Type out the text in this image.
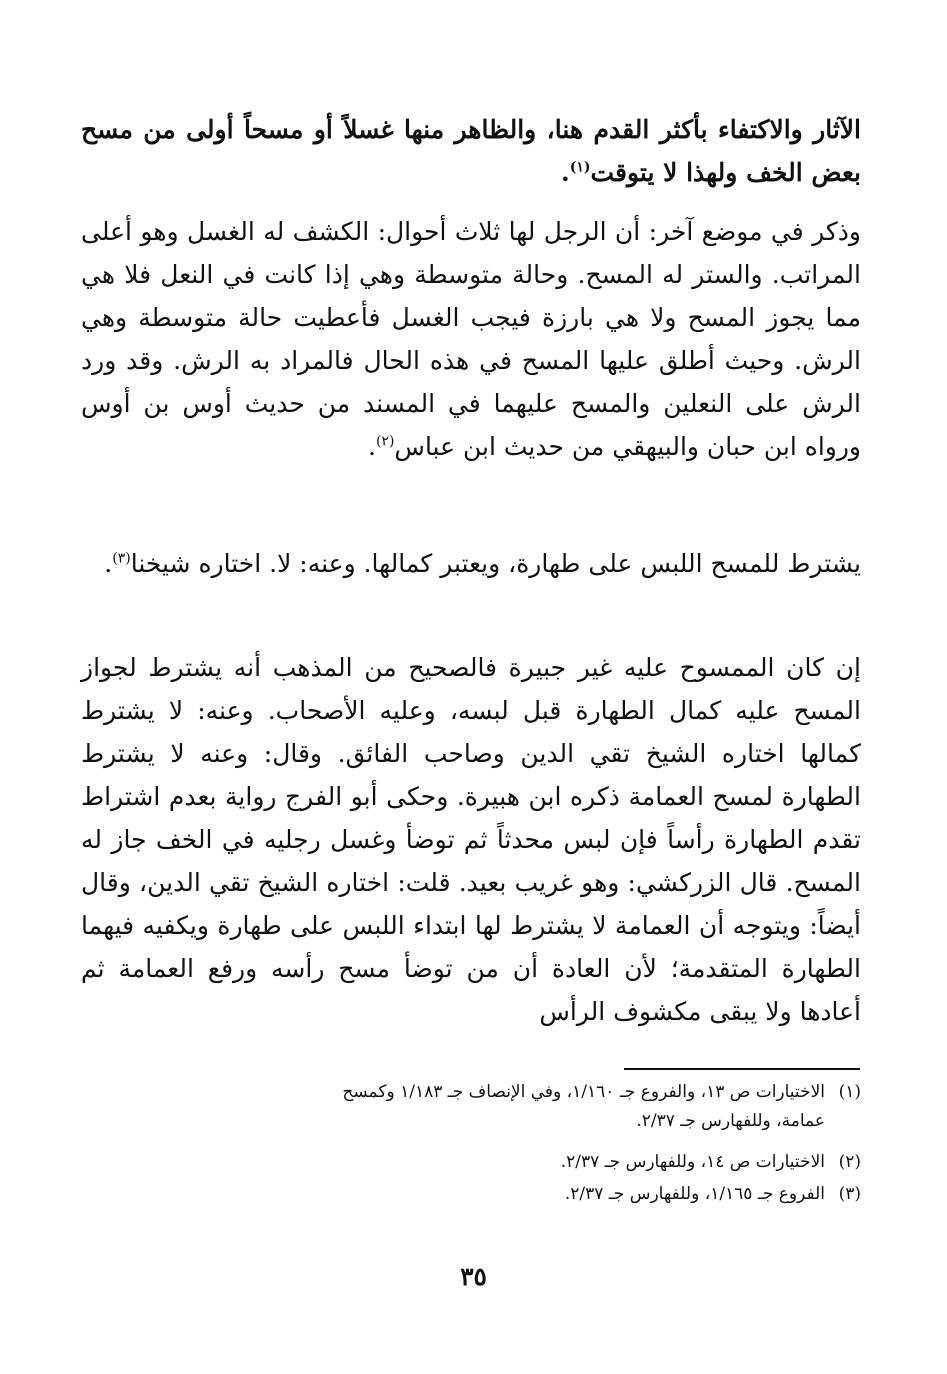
الآثار والاكتفاء بأكثر القدم هنا، والظاهر منها غسلاً أو مسحاً أولى من مسح بعض الخف ولهذا لا يتوقت$^{(١)}$.

وذكر في موضع آخر: أن الرجل لها ثلاث أحوال: الكشف له الغسل وهو أعلى المراتب. والستر له المسح. وحالة متوسطة وهي إذا كانت في النعل فلا هي مما يجوز المسح ولا هي بارزة فيجب الغسل فأعطيت حالة متوسطة وهي الرش. وحيث أطلق عليها المسح في هذه الحال فالمراد به الرش. وقد ورد الرش على النعلين والمسح عليهما في المسند من حديث أوس بن أوس ورواه ابن حبان والبيهقي من حديث ابن عباس$^{(٢)}$.

يشترط للمسح اللبس على طهارة، ويعتبر كمالها. وعنه: لا. اختاره شيخنا$^{(٣)}$.

إن كان الممسوح عليه غير جبيرة فالصحيح من المذهب أنه يشترط لجواز المسح عليه كمال الطهارة قبل لبسه، وعليه الأصحاب. وعنه: لا يشترط كمالها اختاره الشيخ تقي الدين وصاحب الفائق. وقال: وعنه لا يشترط الطهارة لمسح العمامة ذكره ابن هبيرة. وحكى أبو الفرج رواية بعدم اشتراط تقدم الطهارة رأساً فإن لبس محدثاً ثم توضأ وغسل رجليه في الخف جاز له المسح. قال الزركشي: وهو غريب بعيد. قلت: اختاره الشيخ تقي الدين، وقال أيضاً: ويتوجه أن العمامة لا يشترط لها ابتداء اللبس على طهارة ويكفيه فيهما الطهارة المتقدمة؛ لأن العادة أن من توضأ مسح رأسه ورفع العمامة ثم أعادها ولا يبقى مكشوف الرأس

(١)الاختيارات ص ١٣، والفروع جـ ١/١٦٠، وفي الإنصاف جـ ١/١٨٣ وكمسح
عمامة، وللفهارس جـ ٢/٣٧.

(٢)الاختيارات ص ١٤، وللفهارس جـ ٢/٣٧.

(٣)الفروع جـ ١/١٦٥، وللفهارس جـ ٢/٣٧.

٣٥
